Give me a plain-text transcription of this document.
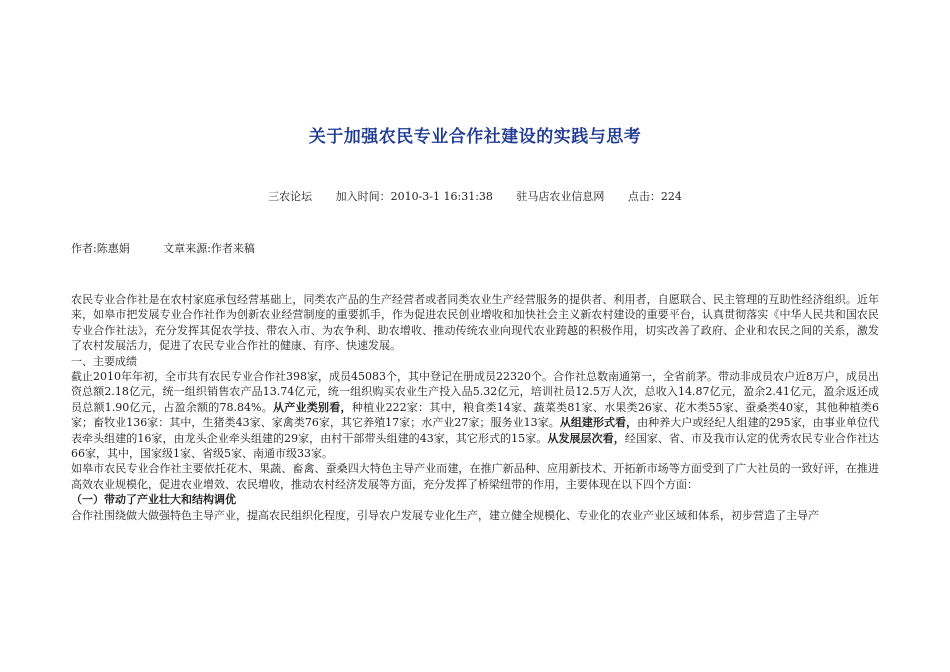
关于加强农民专业合作社建设的实践与思考
三农论坛 加入时间：2010-3-1 16:31:38 驻马店农业信息网 点击：224
作者:陈惠娟	文章来源:作者来稿

农民专业合作社是在农村家庭承包经营基础上，同类农产品的生产经营者或者同类农业生产经营服务的提供者、利用者，自愿联合、民主管理的互助性经济组织。近年来，如皋市把发展专业合作社作为创新农业经营制度的重要抓手，作为促进农民创业增收和加快社会主义新农村建设的重要平台，认真贯彻落实《中华人民共和国农民专业合作社法》，充分发挥其促农学技、带农入市、为农争利、助农增收、推动传统农业向现代农业跨越的积极作用，切实改善了政府、企业和农民之间的关系，激发了农村发展活力，促进了农民专业合作社的健康、有序、快速发展。

一、主要成绩

截止2010年年初，全市共有农民专业合作社398家，成员45083个，其中登记在册成员22320个。合作社总数南通第一，全省前茅。带动非成员农户近8万户，成员出资总额2.18亿元，统一组织销售农产品13.74亿元，统一组织购买农业生产投入品5.32亿元，培训社员12.5万人次，总收入14.87亿元，盈余2.41亿元，盈余返还成员总额1.90亿元，占盈余额的78.84%。从产业类别看，种植业222家：其中，粮食类14家、蔬菜类81家、水果类26家、花木类55家、蚕桑类40家，其他种植类6家；畜牧业136家：其中，生猪类43家、家禽类76家，其它养殖17家；水产业27家；服务业13家。从组建形式看，由种养大户或经纪人组建的295家，由事业单位代表牵头组建的16家，由龙头企业牵头组建的29家，由村干部带头组建的43家，其它形式的15家。从发展层次看，经国家、省、市及我市认定的优秀农民专业合作社达66家，其中，国家级1家、省级5家、南通市级33家。

如皋市农民专业合作社主要依托花木、果蔬、畜禽、蚕桑四大特色主导产业而建，在推广新品种、应用新技术、开拓新市场等方面受到了广大社员的一致好评，在推进高效农业规模化，促进农业增效、农民增收，推动农村经济发展等方面，充分发挥了桥梁纽带的作用，主要体现在以下四个方面：

（一）带动了产业壮大和结构调优

合作社围绕做大做强特色主导产业，提高农民组织化程度，引导农户发展专业化生产，建立健全规模化、专业化的农业产业区域和体系，初步营造了主导产
